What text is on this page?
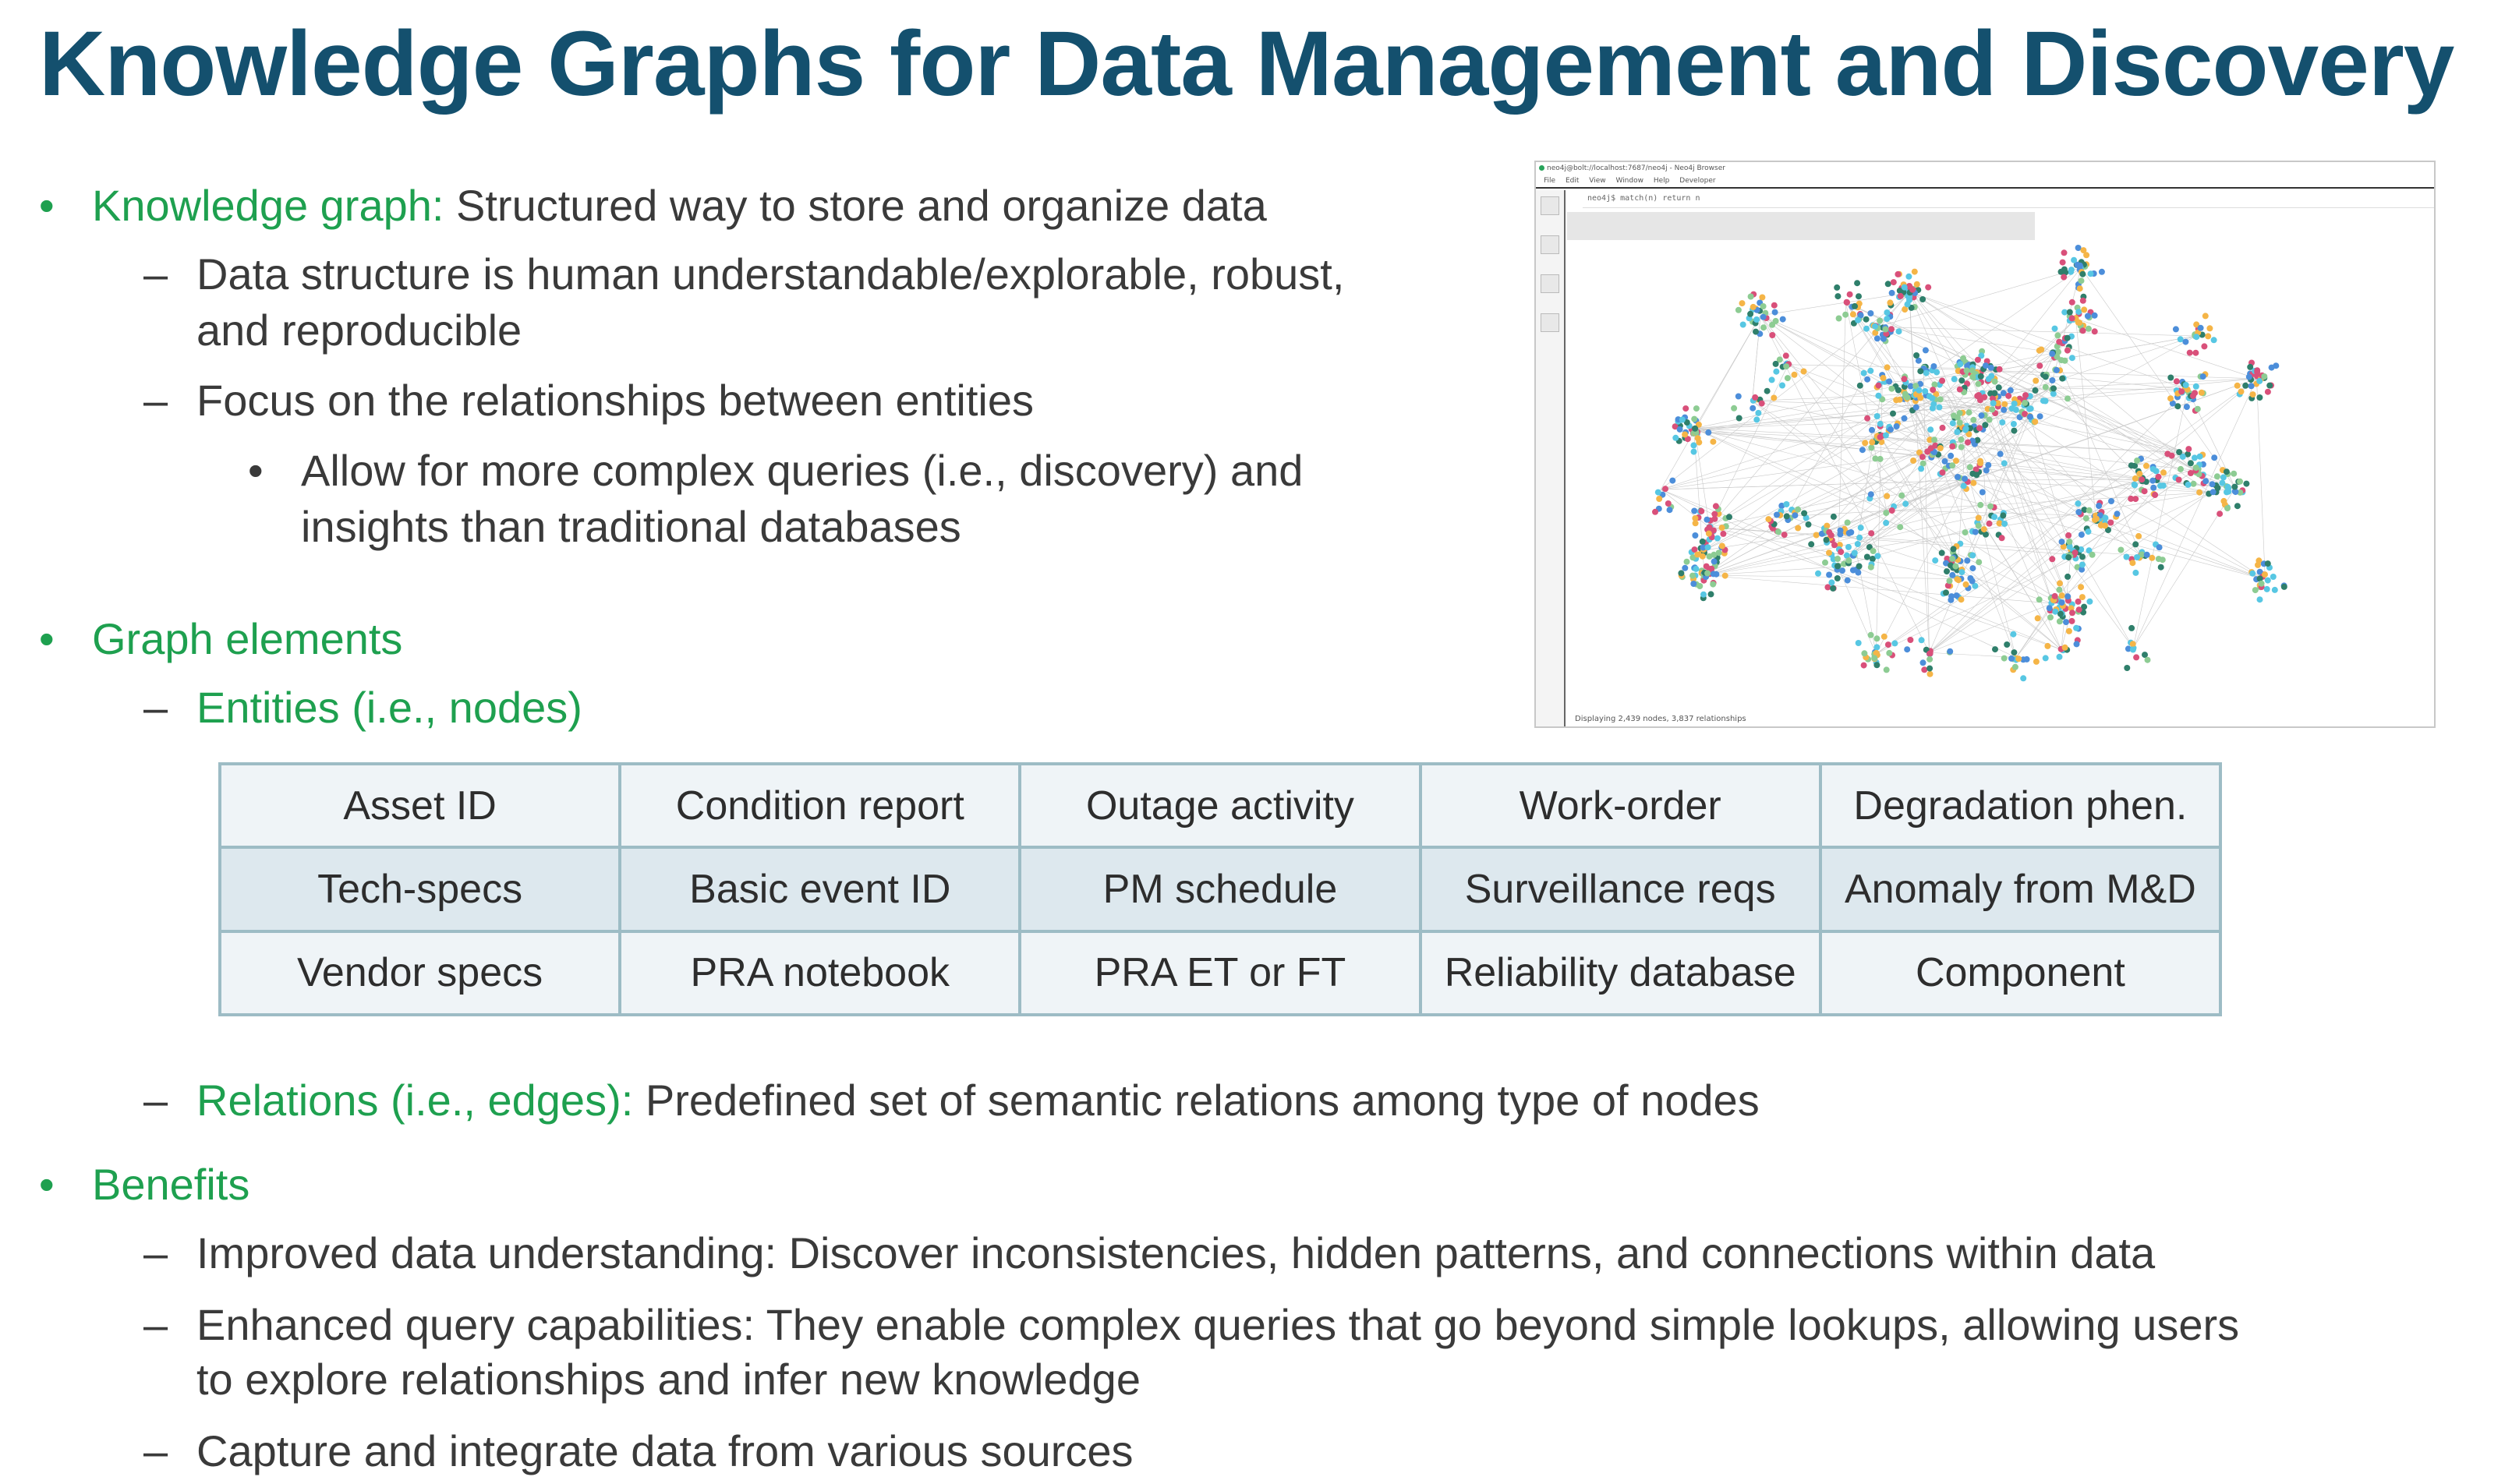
Knowledge Graphs for Data Management and Discovery
• Knowledge graph: Structured way to store and organize data
– Data structure is human understandable/explorable, robust,
and reproducible
– Focus on the relationships between entities
• Allow for more complex queries (i.e., discovery) and
insights than traditional databases
• Graph elements
– Entities (i.e., nodes)
Asset ID	Condition report	Outage activity	Work-order	Degradation phen.
Tech-specs	Basic event ID	PM schedule	Surveillance reqs	Anomaly from M&D
Vendor specs	PRA notebook	PRA ET or FT	Reliability database	Component
– Relations (i.e., edges): Predefined set of semantic relations among type of nodes
• Benefits
– Improved data understanding: Discover inconsistencies, hidden patterns, and connections within data
– Enhanced query capabilities: They enable complex queries that go beyond simple lookups, allowing users
to explore relationships and infer new knowledge
– Capture and integrate data from various sources
neo4j@bolt://localhost:7687/neo4j - Neo4j Browser
File Edit View Window Help Developer
neo4j$ match(n) return n
Displaying 2,439 nodes, 3,837 relationships
